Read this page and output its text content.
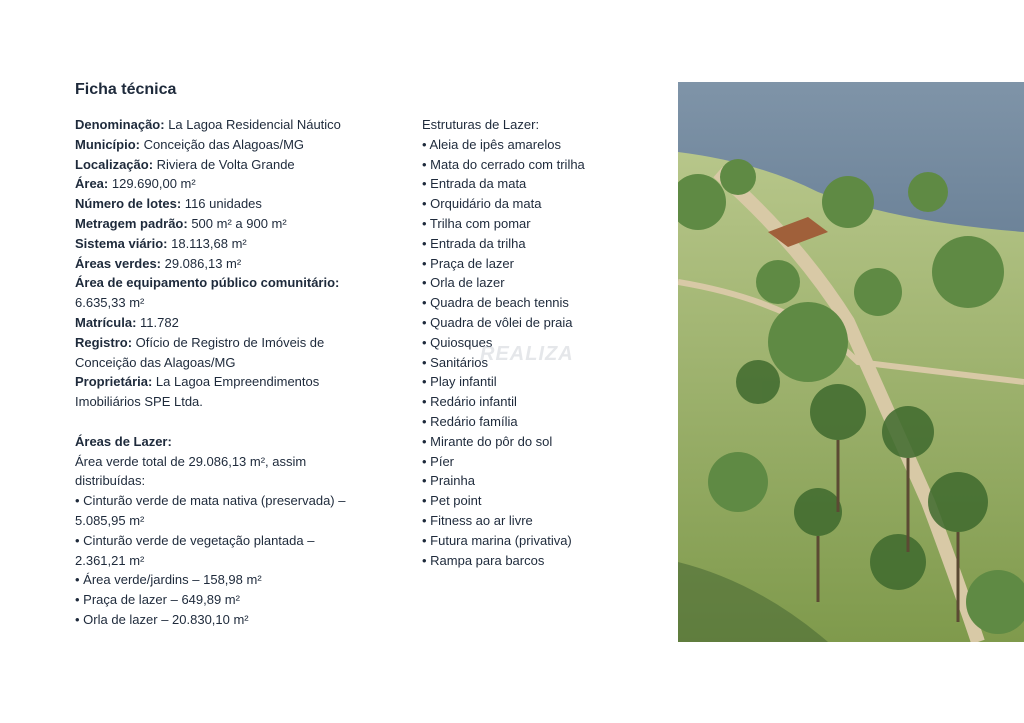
Ficha técnica
Denominação: La Lagoa Residencial Náutico
Município: Conceição das Alagoas/MG
Localização: Riviera de Volta Grande
Área: 129.690,00 m²
Número de lotes: 116 unidades
Metragem padrão: 500 m² a 900 m²
Sistema viário: 18.113,68 m²
Áreas verdes: 29.086,13 m²
Área de equipamento público comunitário:
6.635,33 m²
Matrícula: 11.782
Registro: Ofício de Registro de Imóveis de
Conceição das Alagoas/MG
Proprietária: La Lagoa Empreendimentos
Imobiliários SPE Ltda.
Áreas de Lazer:
Área verde total de 29.086,13 m², assim
distribuídas:
• Cinturão verde de mata nativa (preservada) –
5.085,95 m²
• Cinturão verde de vegetação plantada –
2.361,21 m²
• Área verde/jardins – 158,98 m²
• Praça de lazer – 649,89 m²
• Orla de lazer – 20.830,10 m²
Estruturas de Lazer:
• Aleia de ipês amarelos
• Mata do cerrado com trilha
• Entrada da mata
• Orquidário da mata
• Trilha com pomar
• Entrada da trilha
• Praça de lazer
• Orla de lazer
• Quadra de beach tennis
• Quadra de vôlei de praia
• Quiosques
• Sanitários
• Play infantil
• Redário infantil
• Redário família
• Mirante do pôr do sol
• Píer
• Prainha
• Pet point
• Fitness ao ar livre
• Futura marina (privativa)
• Rampa para barcos
REALIZA
